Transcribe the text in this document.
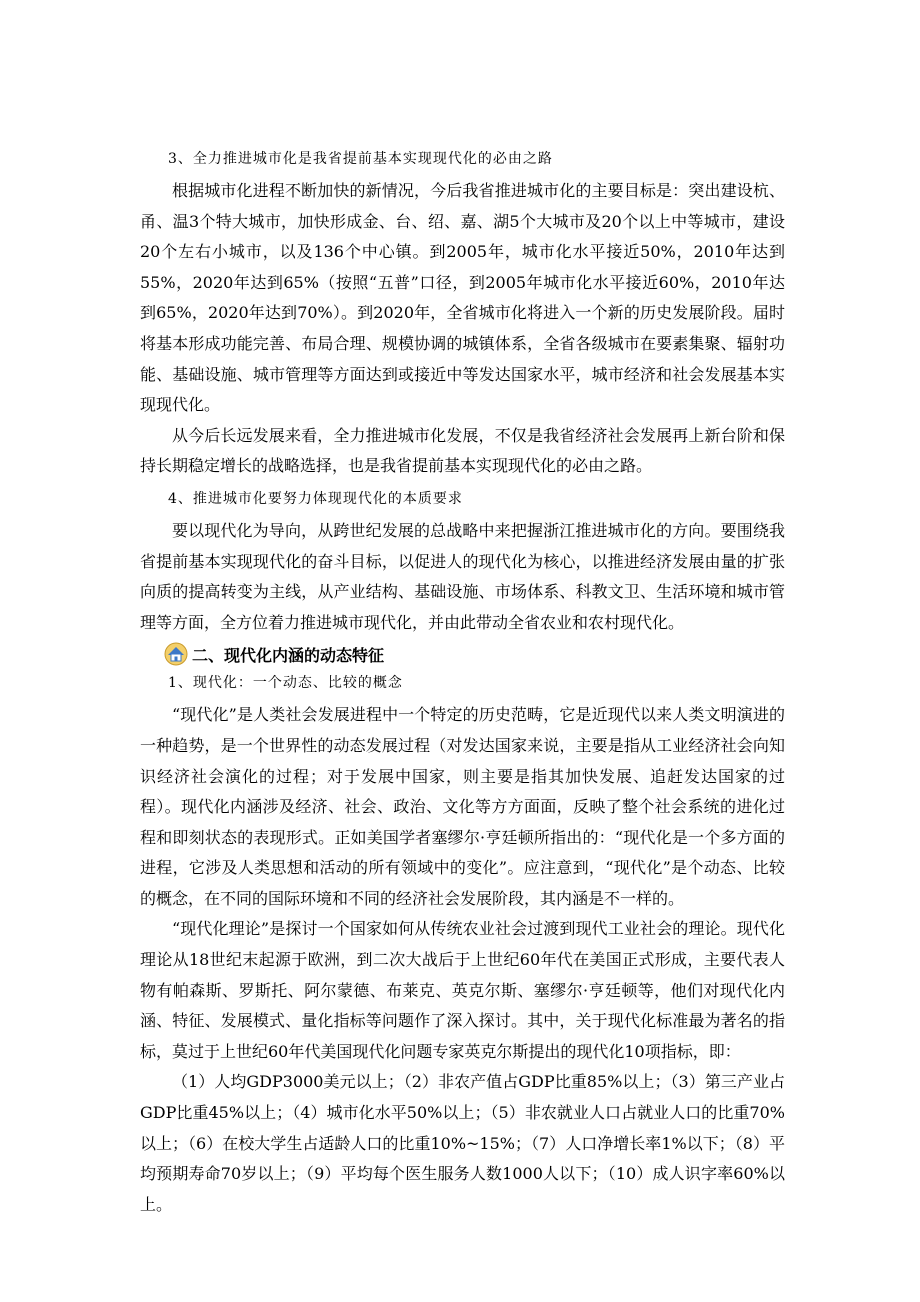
3、全力推进城市化是我省提前基本实现现代化的必由之路

根据城市化进程不断加快的新情况，今后我省推进城市化的主要目标是：突出建设杭、甬、温3个特大城市，加快形成金、台、绍、嘉、湖5个大城市及20个以上中等城市，建设20个左右小城市，以及136个中心镇。到2005年，城市化水平接近50%，2010年达到55%，2020年达到65%（按照“五普”口径，到2005年城市化水平接近60%，2010年达到65%，2020年达到70%）。到2020年，全省城市化将进入一个新的历史发展阶段。届时将基本形成功能完善、布局合理、规模协调的城镇体系，全省各级城市在要素集聚、辐射功能、基础设施、城市管理等方面达到或接近中等发达国家水平，城市经济和社会发展基本实现现代化。

从今后长远发展来看，全力推进城市化发展，不仅是我省经济社会发展再上新台阶和保持长期稳定增长的战略选择，也是我省提前基本实现现代化的必由之路。

4、推进城市化要努力体现现代化的本质要求

要以现代化为导向，从跨世纪发展的总战略中来把握浙江推进城市化的方向。要围绕我省提前基本实现现代化的奋斗目标，以促进人的现代化为核心，以推进经济发展由量的扩张向质的提高转变为主线，从产业结构、基础设施、市场体系、科教文卫、生活环境和城市管理等方面，全方位着力推进城市现代化，并由此带动全省农业和农村现代化。

二、现代化内涵的动态特征

1、现代化：一个动态、比较的概念

“现代化”是人类社会发展进程中一个特定的历史范畴，它是近现代以来人类文明演进的一种趋势，是一个世界性的动态发展过程（对发达国家来说，主要是指从工业经济社会向知识经济社会演化的过程；对于发展中国家，则主要是指其加快发展、追赶发达国家的过程）。现代化内涵涉及经济、社会、政治、文化等方方面面，反映了整个社会系统的进化过程和即刻状态的表现形式。正如美国学者塞缪尔·亨廷顿所指出的：“现代化是一个多方面的进程，它涉及人类思想和活动的所有领域中的变化”。应注意到，“现代化”是个动态、比较的概念，在不同的国际环境和不同的经济社会发展阶段，其内涵是不一样的。

“现代化理论”是探讨一个国家如何从传统农业社会过渡到现代工业社会的理论。现代化理论从18世纪末起源于欧洲，到二次大战后于上世纪60年代在美国正式形成，主要代表人物有帕森斯、罗斯托、阿尔蒙德、布莱克、英克尔斯、塞缪尔·亨廷顿等，他们对现代化内涵、特征、发展模式、量化指标等问题作了深入探讨。其中，关于现代化标准最为著名的指标，莫过于上世纪60年代美国现代化问题专家英克尔斯提出的现代化10项指标，即：

（1）人均GDP3000美元以上；（2）非农产值占GDP比重85%以上；（3）第三产业占GDP比重45%以上；（4）城市化水平50%以上；（5）非农就业人口占就业人口的比重70%以上；（6）在校大学生占适龄人口的比重10%~15%；（7）人口净增长率1%以下；（8）平均预期寿命70岁以上；（9）平均每个医生服务人数1000人以下；（10）成人识字率60%以上。
